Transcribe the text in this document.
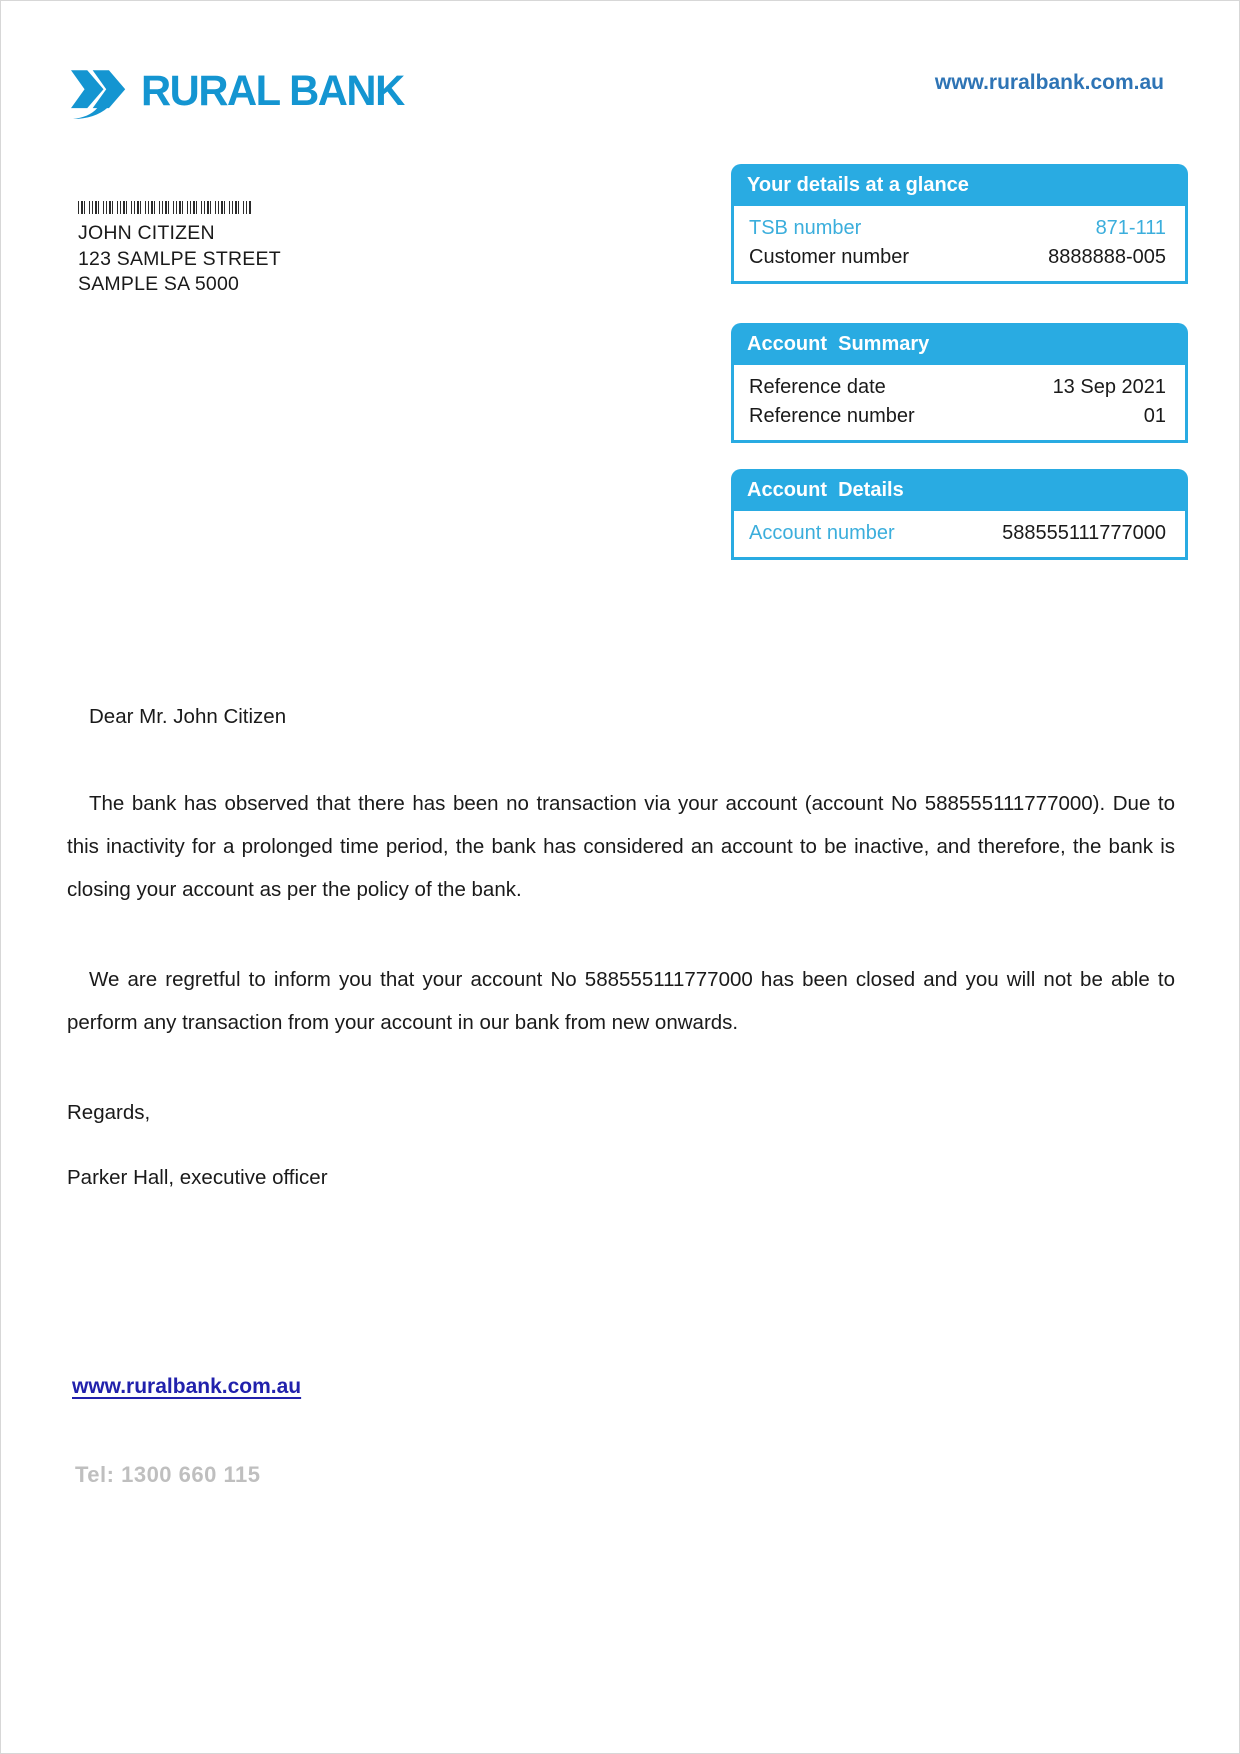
RURAL BANK	www.ruralbank.com.au
JOHN CITIZEN
123 SAMLPE STREET
SAMPLE SA 5000
Your details at a glance
TSB number	871-111
Customer number	8888888-005
Account  Summary
Reference date	13 Sep 2021
Reference number	01
Account  Details
Account number	588555111777000

Dear Mr. John Citizen

The bank has observed that there has been no transaction via your account (account No 588555111777000). Due to this inactivity for a prolonged time period, the bank has considered an account to be inactive, and therefore, the bank is closing your account as per the policy of the bank.

We are regretful to inform you that your account No 588555111777000 has been closed and you will not be able to perform any transaction from your account in our bank from new onwards.

Regards,

Parker Hall, executive officer

www.ruralbank.com.au
Tel: 1300 660 115
